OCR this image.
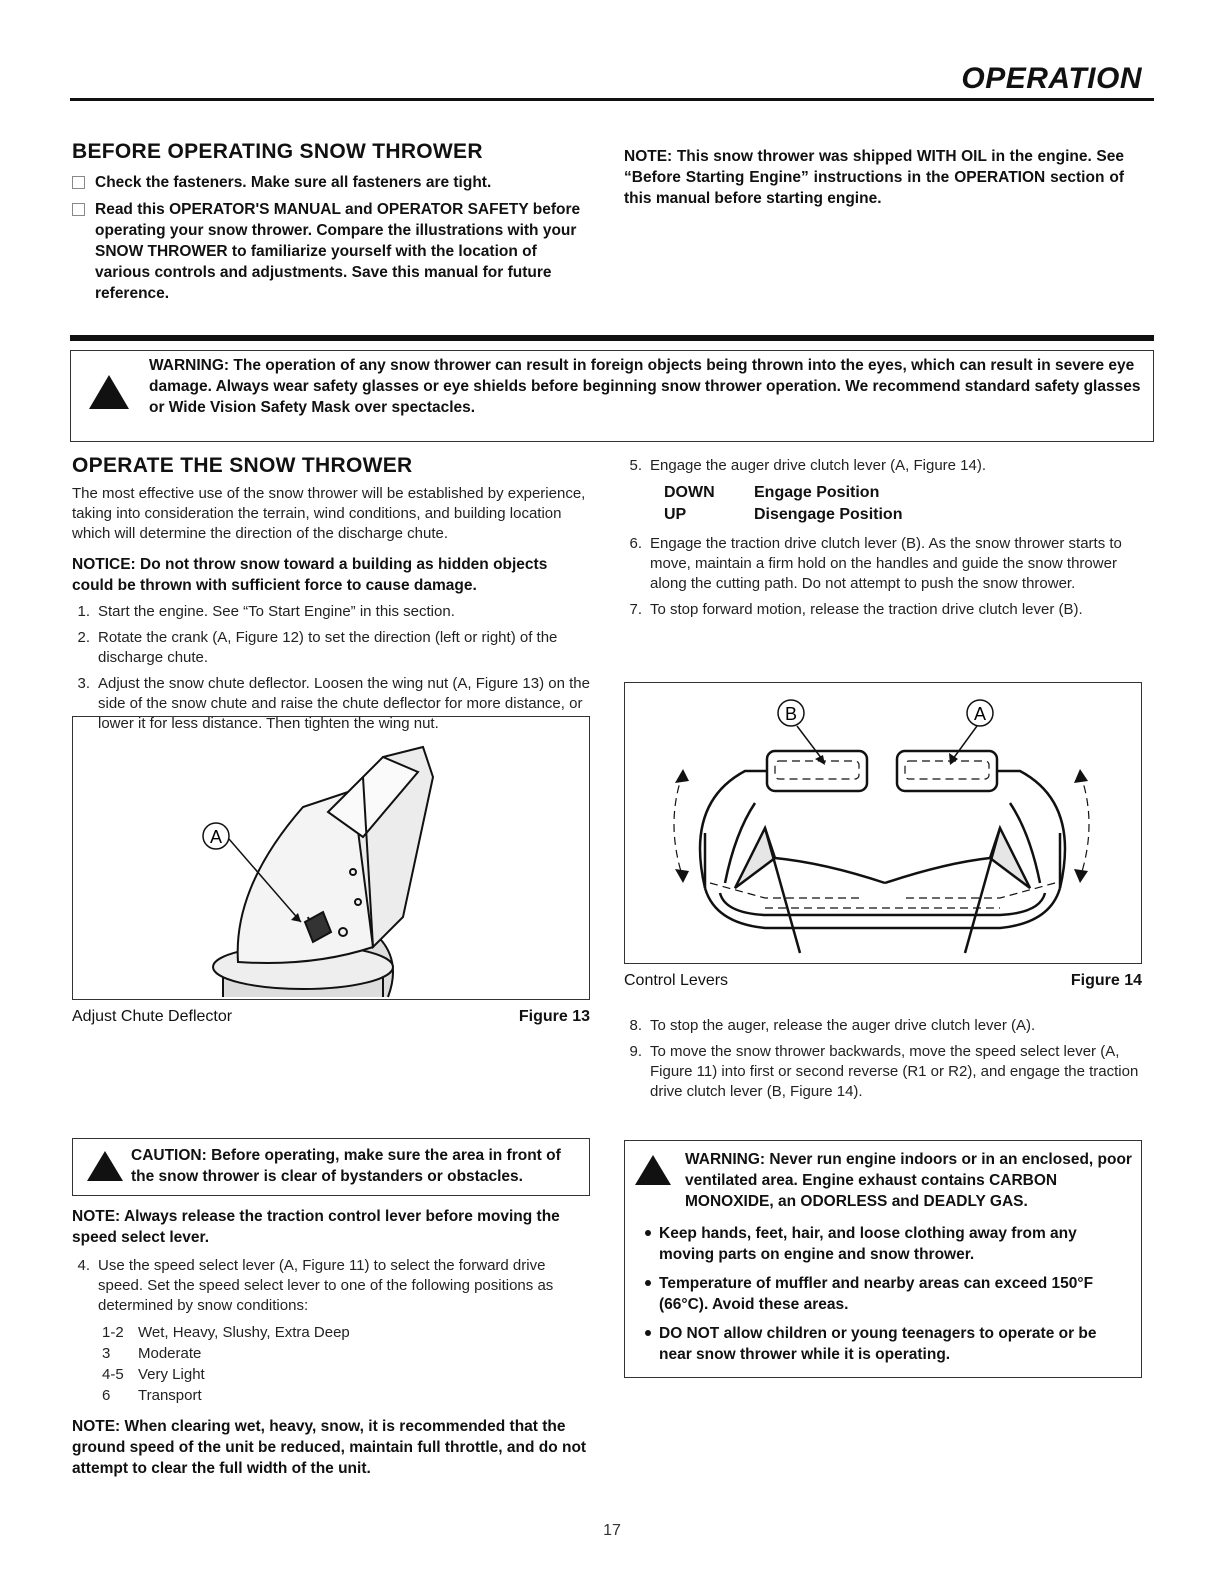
OPERATION
BEFORE OPERATING SNOW THROWER
Check the fasteners. Make sure all fasteners are tight.
Read this OPERATOR'S MANUAL and OPERATOR SAFETY before operating your snow thrower. Compare the illustrations with your SNOW THROWER to familiarize yourself with the location of various controls and adjustments. Save this manual for future reference.
NOTE: This snow thrower was shipped WITH OIL in the engine. See “Before Starting Engine” instructions in the OPERATION section of this manual before starting engine.
WARNING: The operation of any snow thrower can result in foreign objects being thrown into the eyes, which can result in severe eye damage. Always wear safety glasses or eye shields before beginning snow thrower operation. We recommend standard safety glasses or Wide Vision Safety Mask over spectacles.
OPERATE THE SNOW THROWER
The most effective use of the snow thrower will be established by experience, taking into consideration the terrain, wind conditions, and building location which will determine the direction of the discharge chute.
NOTICE: Do not throw snow toward a building as hidden objects could be thrown with sufficient force to cause damage.
1. Start the engine. See “To Start Engine” in this section.
2. Rotate the crank (A, Figure 12) to set the direction (left or right) of the discharge chute.
3. Adjust the snow chute deflector. Loosen the wing nut (A, Figure 13) on the side of the snow chute and raise the chute deflector for more distance, or lower it for less distance. Then tighten the wing nut.
A
Adjust Chute Deflector	Figure 13
CAUTION: Before operating, make sure the area in front of the snow thrower is clear of bystanders or obstacles.
NOTE: Always release the traction control lever before moving the speed select lever.
4. Use the speed select lever (A, Figure 11) to select the forward drive speed. Set the speed select lever to one of the following positions as determined by snow conditions:
1-2 Wet, Heavy, Slushy, Extra Deep
3	Moderate
4-5 Very Light
6	Transport
NOTE: When clearing wet, heavy, snow, it is recommended that the ground speed of the unit be reduced, maintain full throttle, and do not attempt to clear the full width of the unit.
5. Engage the auger drive clutch lever (A, Figure 14).
DOWN	Engage Position
UP	Disengage Position
6. Engage the traction drive clutch lever (B). As the snow thrower starts to move, maintain a firm hold on the handles and guide the snow thrower along the cutting path. Do not attempt to push the snow thrower.
7. To stop forward motion, release the traction drive clutch lever (B).
B	A
Control Levers	Figure 14
8. To stop the auger, release the auger drive clutch lever (A).
9. To move the snow thrower backwards, move the speed select lever (A, Figure 11) into first or second reverse (R1 or R2), and engage the traction drive clutch lever (B, Figure 14).
WARNING: Never run engine indoors or in an enclosed, poor ventilated area. Engine exhaust contains CARBON MONOXIDE, an ODORLESS and DEADLY GAS.
Keep hands, feet, hair, and loose clothing away from any moving parts on engine and snow thrower.
Temperature of muffler and nearby areas can exceed 150°F (66°C). Avoid these areas.
DO NOT allow children or young teenagers to operate or be near snow thrower while it is operating.
17
